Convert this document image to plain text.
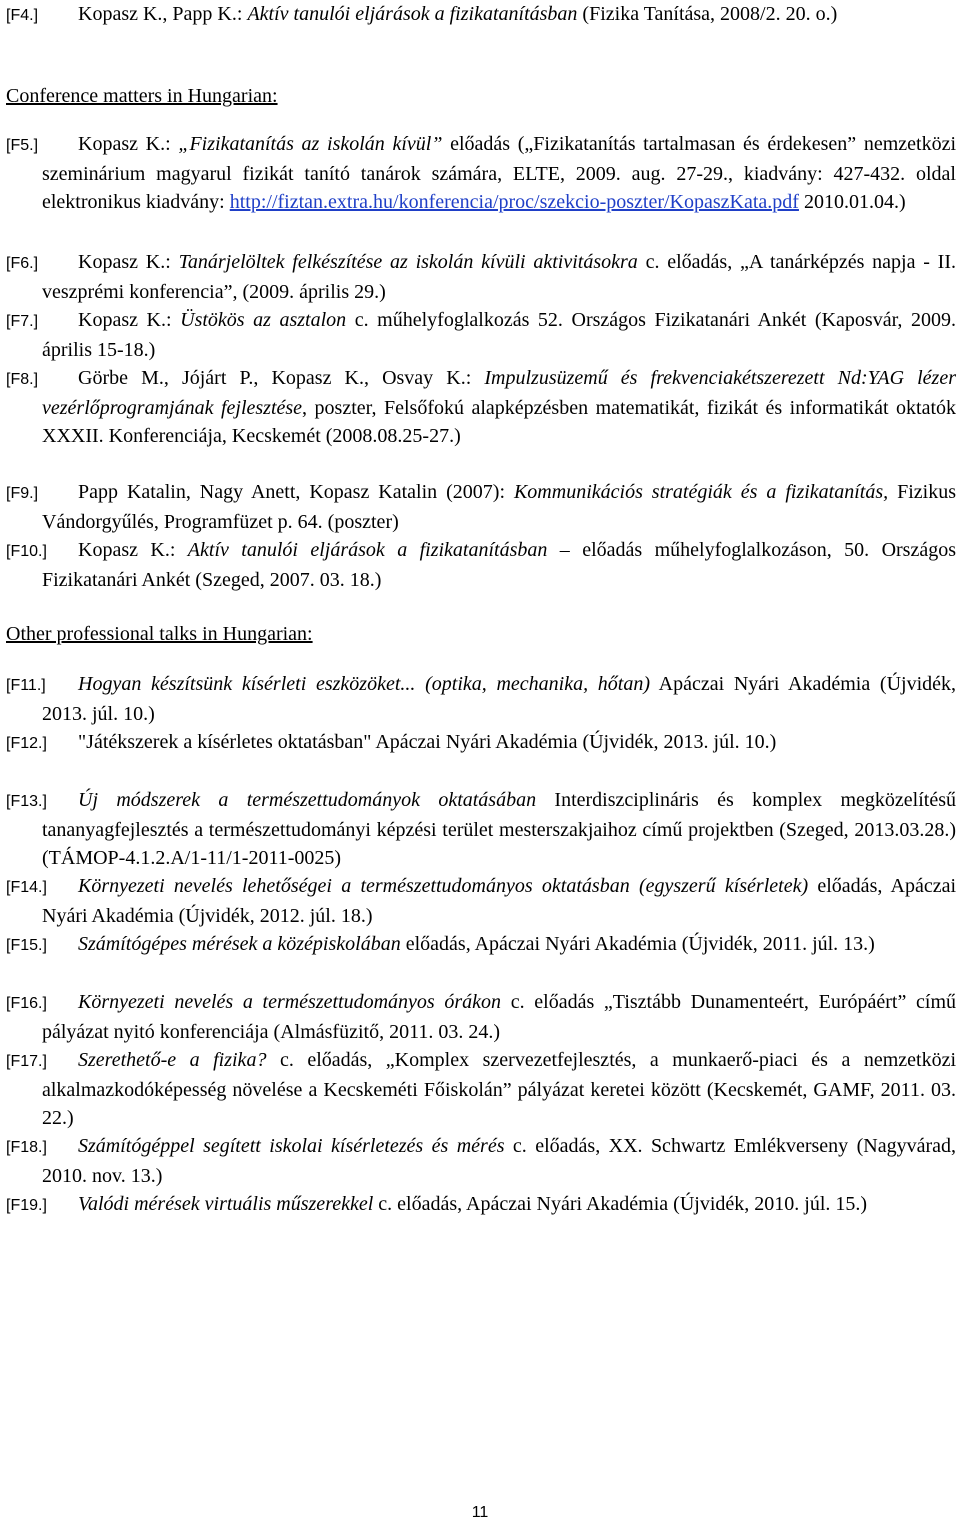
[F4.] Kopasz K., Papp K.: Aktív tanulói eljárások a fizikatanításban (Fizika Tanítása, 2008/2. 20. o.)
Conference matters in Hungarian:
[F5.] Kopasz K.: „Fizikatanítás az iskolán kívül” előadás („Fizikatanítás tartalmasan és érdekesen” nemzetközi szeminárium magyarul fizikát tanító tanárok számára, ELTE, 2009. aug. 27-29., kiadvány: 427-432. oldal elektronikus kiadvány: http://fiztan.extra.hu/konferencia/proc/szekcio-poszter/KopaszKata.pdf 2010.01.04.)
[F6.] Kopasz K.: Tanárjelöltek felkészítése az iskolán kívüli aktivitásokra c. előadás, „A tanárképzés napja - II. veszprémi konferencia”, (2009. április 29.)
[F7.] Kopasz K.: Üstökös az asztalon c. műhelyfoglalkozás 52. Országos Fizikatanári Ankét (Kaposvár, 2009. április 15-18.)
[F8.] Görbe M., Jójárt P., Kopasz K., Osvay K.: Impulzusüzemű és frekvenciakétszerezett Nd:YAG lézer vezérlőprogramjának fejlesztése, poszter, Felsőfokú alapképzésben matematikát, fizikát és informatikát oktatók XXXII. Konferenciája, Kecskemét (2008.08.25-27.)
[F9.] Papp Katalin, Nagy Anett, Kopasz Katalin (2007): Kommunikációs stratégiák és a fizikatanítás, Fizikus Vándorgyűlés, Programfüzet p. 64. (poszter)
[F10.] Kopasz K.: Aktív tanulói eljárások a fizikatanításban – előadás műhelyfoglalkozáson, 50. Országos Fizikatanári Ankét (Szeged, 2007. 03. 18.)
Other professional talks in Hungarian:
[F11.] Hogyan készítsünk kísérleti eszközöket... (optika, mechanika, hőtan) Apáczai Nyári Akadémia (Újvidék, 2013. júl. 10.)
[F12.] "Játékszerek a kísérletes oktatásban" Apáczai Nyári Akadémia (Újvidék, 2013. júl. 10.)
[F13.] Új módszerek a természettudományok oktatásában Interdiszciplináris és komplex megközelítésű tananyagfejlesztés a természettudományi képzési terület mesterszakjaihoz című projektben (Szeged, 2013.03.28.) (TÁMOP-4.1.2.A/1-11/1-2011-0025)
[F14.] Környezeti nevelés lehetőségei a természettudományos oktatásban (egyszerű kísérletek) előadás, Apáczai Nyári Akadémia (Újvidék, 2012. júl. 18.)
[F15.] Számítógépes mérések a középiskolában előadás, Apáczai Nyári Akadémia (Újvidék, 2011. júl. 13.)
[F16.] Környezeti nevelés a természettudományos órákon c. előadás „Tisztább Dunamenteért, Európáért” című pályázat nyitó konferenciája (Almásfüzitő, 2011. 03. 24.)
[F17.] Szerethető-e a fizika? c. előadás, „Komplex szervezetfejlesztés, a munkaerő-piaci és a nemzetközi alkalmazkodóképesség növelése a Kecskeméti Főiskolán” pályázat keretei között (Kecskemét, GAMF, 2011. 03. 22.)
[F18.] Számítógéppel segített iskolai kísérletezés és mérés c. előadás, XX. Schwartz Emlékverseny (Nagyvárad, 2010. nov. 13.)
[F19.] Valódi mérések virtuális műszerekkel c. előadás, Apáczai Nyári Akadémia (Újvidék, 2010. júl. 15.)
11
